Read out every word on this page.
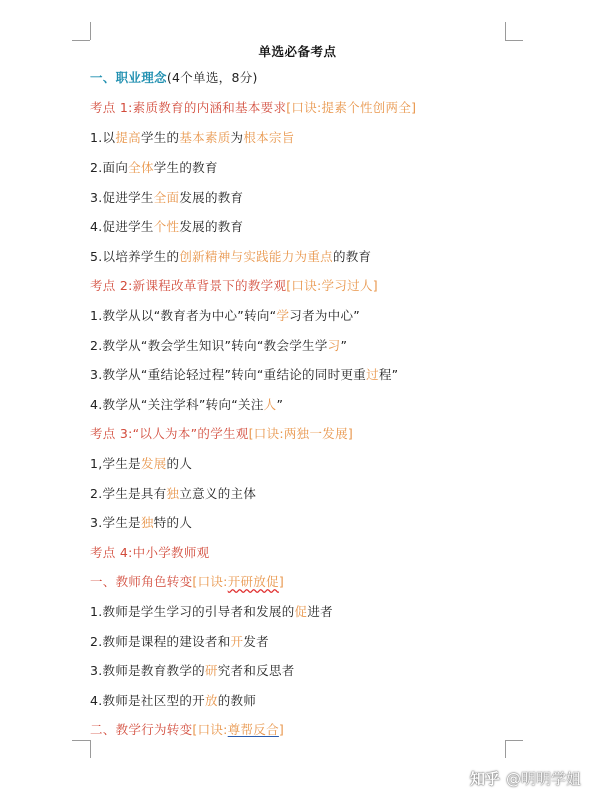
单选必备考点
一、职业理念(4个单选，8分)
考点 1:素质教育的内涵和基本要求[口诀:提素个性创两全]
1.以提高学生的基本素质为根本宗旨
2.面向全体学生的教育
3.促进学生全面发展的教育
4.促进学生个性发展的教育
5.以培养学生的创新精神与实践能力为重点的教育
考点 2:新课程改革背景下的教学观[口诀:学习过人]
1.教学从以“教育者为中心”转向“学习者为中心”
2.教学从“教会学生知识”转向“教会学生学习”
3.教学从“重结论轻过程”转向“重结论的同时更重过程”
4.教学从“关注学科”转向“关注人”
考点 3:“以人为本”的学生观[口诀:两独一发展]
1,学生是发展的人
2.学生是具有独立意义的主体
3.学生是独特的人
考点 4:中小学教师观
一、教师角色转变[口诀:开研放促]
1.教师是学生学习的引导者和发展的促进者
2.教师是课程的建设者和开发者
3.教师是教育教学的研究者和反思者
4.教师是社区型的开放的教师
二、教学行为转变[口诀:尊帮反合]
知乎 @明明学姐
